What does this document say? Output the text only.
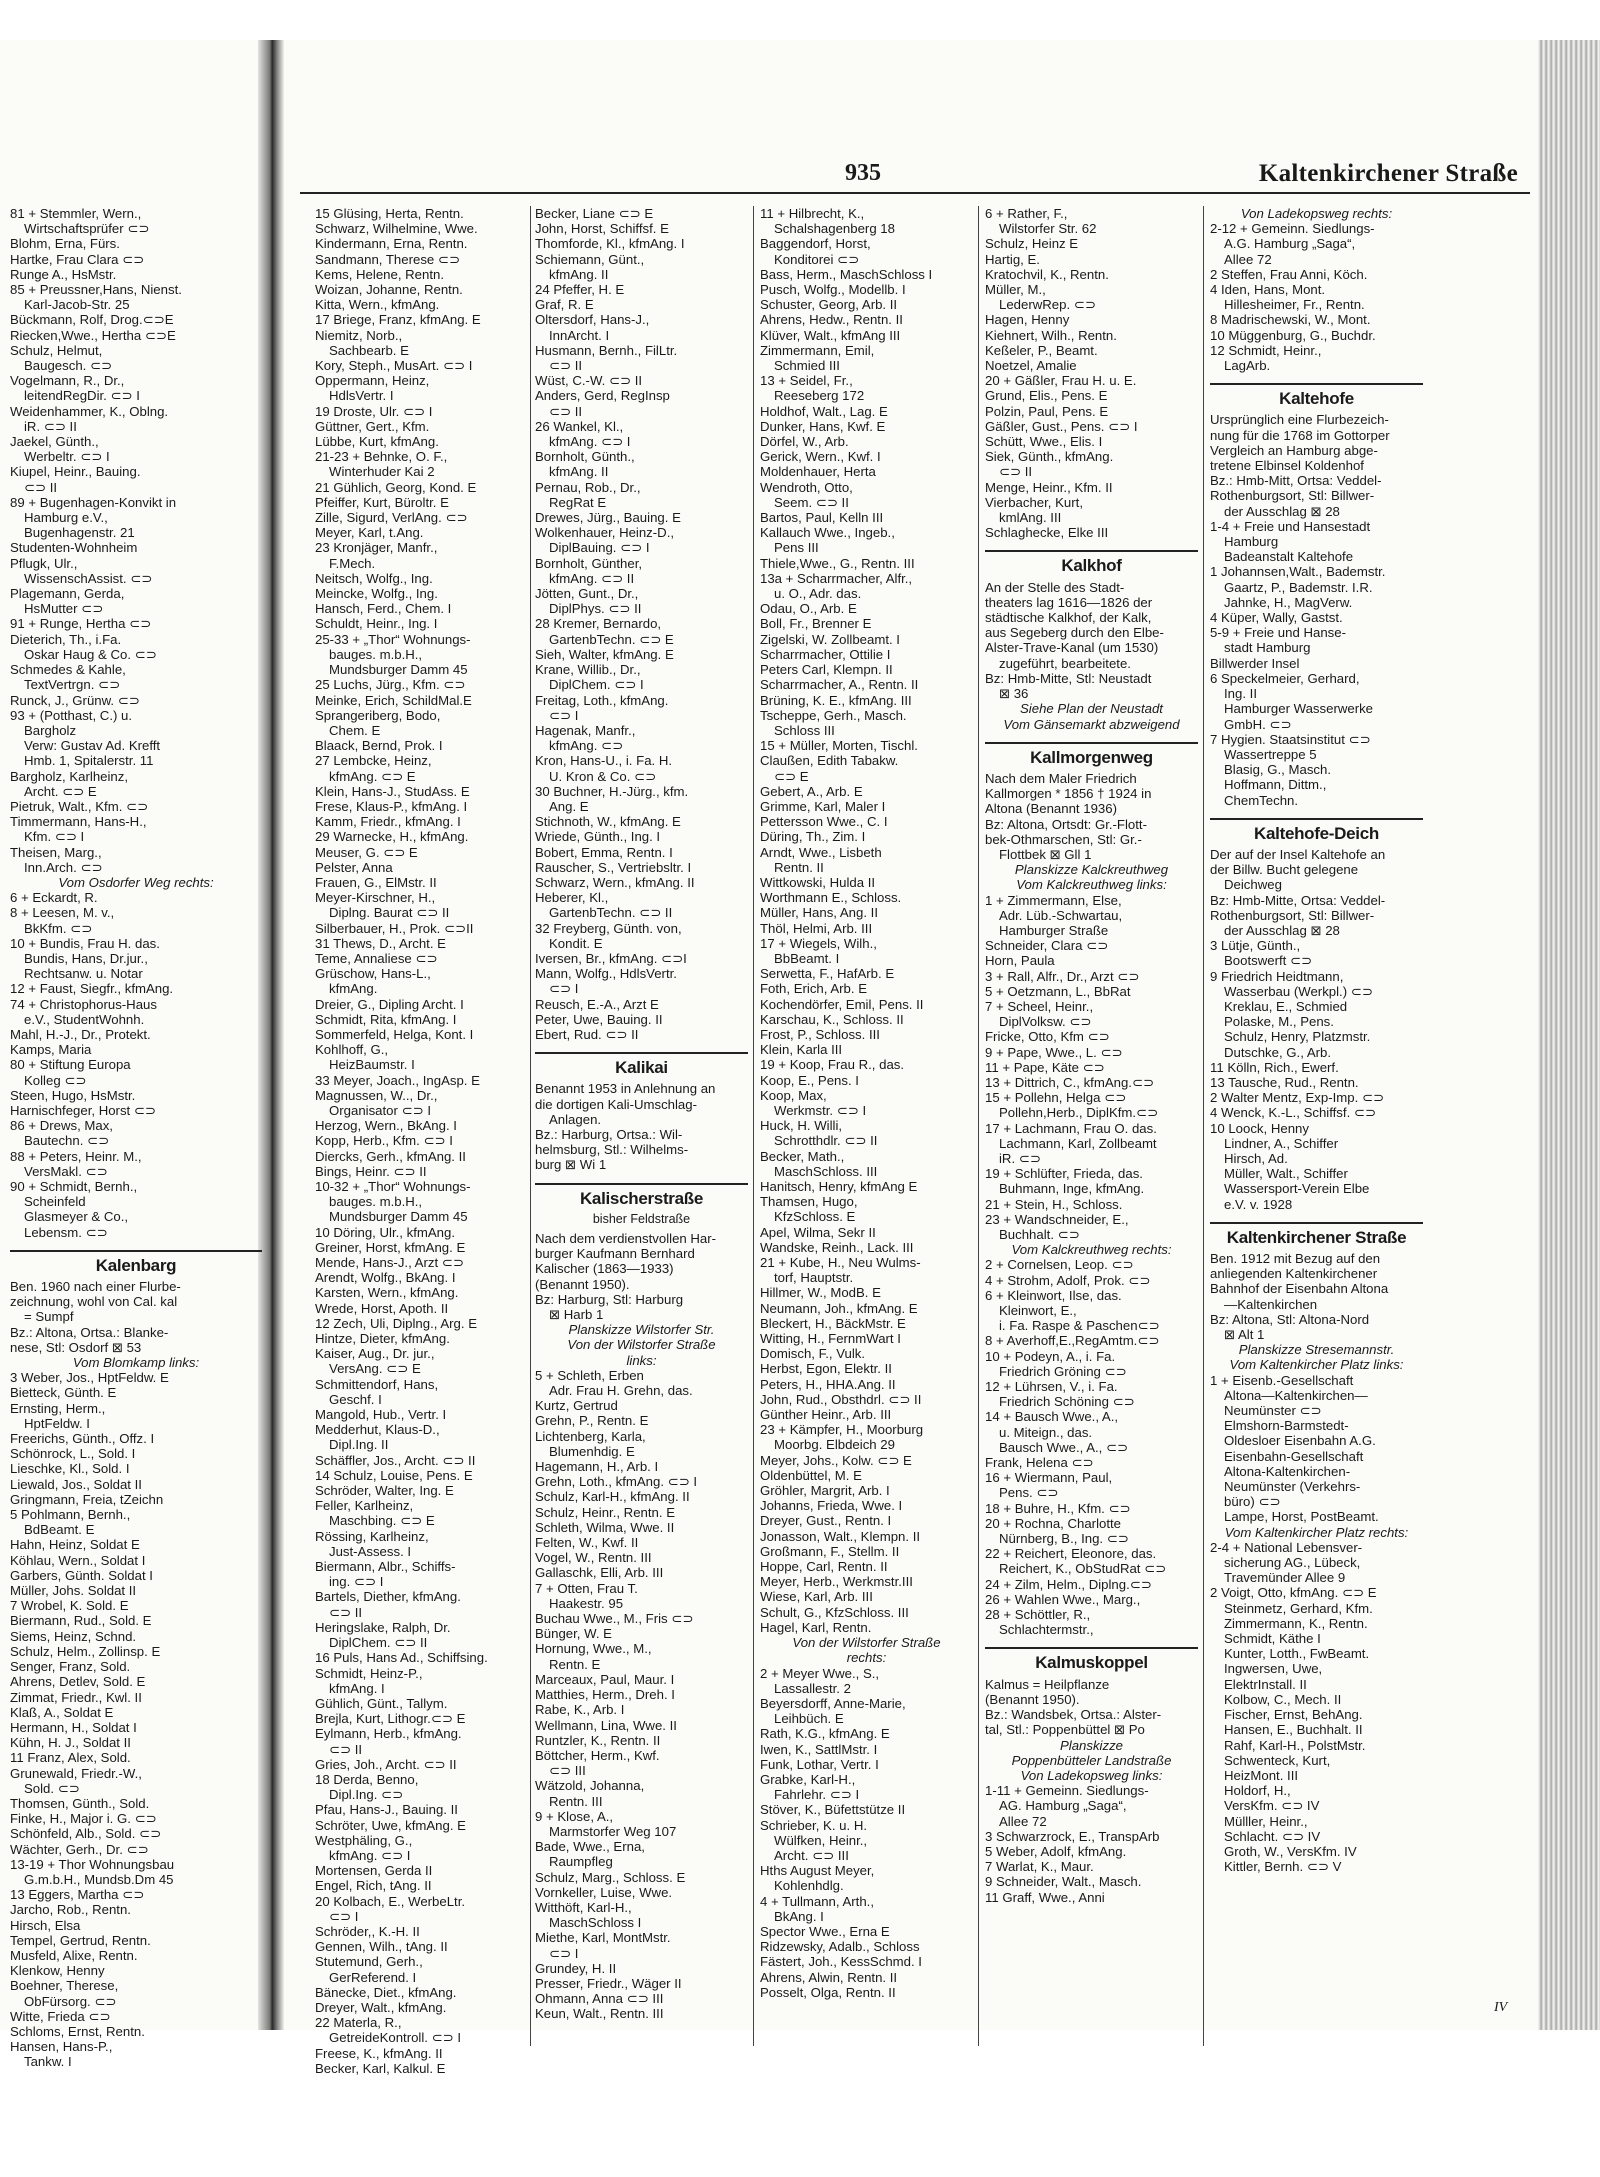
935	Kaltenkirchener Straße
81 + Stemmler, Wern.,
Wirtschaftsprüfer ⊂⊃
Blohm, Erna, Fürs.
Hartke, Frau Clara ⊂⊃
Runge A., HsMstr.
85 + Preussner,Hans, Nienst.
Karl-Jacob-Str. 25
Bückmann, Rolf, Drog.⊂⊃E
Riecken,Wwe., Hertha ⊂⊃E
Schulz, Helmut,
Baugesch. ⊂⊃
Vogelmann, R., Dr.,
leitendRegDir. ⊂⊃ I
Weidenhammer, K., Oblng.
iR. ⊂⊃ II
Jaekel, Günth.,
Werbeltr. ⊂⊃ I
Kiupel, Heinr., Bauing.
⊂⊃ II
89 + Bugenhagen-Konvikt in
Hamburg e.V.,
Bugenhagenstr. 21
Studenten-Wohnheim
Pflugk, Ulr.,
WissenschAssist. ⊂⊃
Plagemann, Gerda,
HsMutter ⊂⊃
91 + Runge, Hertha ⊂⊃
Dieterich, Th., i.Fa.
Oskar Haug & Co. ⊂⊃
Schmedes & Kahle,
TextVertrgn. ⊂⊃
Runck, J., Grünw. ⊂⊃
93 + (Potthast, C.) u.
Bargholz
Verw: Gustav Ad. Krefft
Hmb. 1, Spitalerstr. 11
Bargholz, Karlheinz,
Archt. ⊂⊃ E
Pietruk, Walt., Kfm. ⊂⊃
Timmermann, Hans-H.,
Kfm. ⊂⊃ I
Theisen, Marg.,
Inn.Arch. ⊂⊃
Vom Osdorfer Weg rechts:
6 + Eckardt, R.
8 + Leesen, M. v.,
BkKfm. ⊂⊃
10 + Bundis, Frau H. das.
Bundis, Hans, Dr.jur.,
Rechtsanw. u. Notar
12 + Faust, Siegfr., kfmAng.
74 + Christophorus-Haus
e.V., StudentWohnh.
Mahl, H.-J., Dr., Protekt.
Kamps, Maria
80 + Stiftung Europa
Kolleg ⊂⊃
Steen, Hugo, HsMstr.
Harnischfeger, Horst ⊂⊃
86 + Drews, Max,
Bautechn. ⊂⊃
88 + Peters, Heinr. M.,
VersMakl. ⊂⊃
90 + Schmidt, Bernh.,
Scheinfeld
Glasmeyer & Co.,
Lebensm. ⊂⊃
Kalenbarg
Ben. 1960 nach einer Flurbe-
zeichnung, wohl von Cal. kal
= Sumpf
Bz.: Altona, Ortsa.: Blanke-
nese, Stl: Osdorf ⊠ 53
Vom Blomkamp links:
3 Weber, Jos., HptFeldw. E
Bietteck, Günth. E
Ernsting, Herm.,
HptFeldw. I
Freerichs, Günth., Offz. I
Schönrock, L., Sold. I
Lieschke, Kl., Sold. I
Liewald, Jos., Soldat II
Gringmann, Freia, tZeichn
5 Pohlmann, Bernh.,
BdBeamt. E
Hahn, Heinz, Soldat E
Köhlau, Wern., Soldat I
Garbers, Günth. Soldat I
Müller, Johs. Soldat II
7 Wrobel, K. Sold. E
Biermann, Rud., Sold. E
Siems, Heinz, Schnd.
Schulz, Helm., Zollinsp. E
Senger, Franz, Sold.
Ahrens, Detlev, Sold. E
Zimmat, Friedr., Kwl. II
Klaß, A., Soldat E
Hermann, H., Soldat I
Kühn, H. J., Soldat II
11 Franz, Alex, Sold.
Grunewald, Friedr.-W.,
Sold. ⊂⊃
Thomsen, Günth., Sold.
Finke, H., Major i. G. ⊂⊃
Schönfeld, Alb., Sold. ⊂⊃
Wächter, Gerh., Dr. ⊂⊃
13-19 + Thor Wohnungsbau
G.m.b.H., Mundsb.Dm 45
13 Eggers, Martha ⊂⊃
Jarcho, Rob., Rentn.
Hirsch, Elsa
Tempel, Gertrud, Rentn.
Musfeld, Alixe, Rentn.
Klenkow, Henny
Boehner, Therese,
ObFürsorg. ⊂⊃
Witte, Frieda ⊂⊃
Schloms, Ernst, Rentn.
Hansen, Hans-P.,
Tankw. I
15 Glüsing, Herta, Rentn.
Schwarz, Wilhelmine, Wwe.
Kindermann, Erna, Rentn.
Sandmann, Therese ⊂⊃
Kems, Helene, Rentn.
Woizan, Johanne, Rentn.
Kitta, Wern., kfmAng.
17 Briege, Franz, kfmAng. E
Niemitz, Norb.,
Sachbearb. E
Kory, Steph., MusArt. ⊂⊃ I
Oppermann, Heinz,
HdlsVertr. I
19 Droste, Ulr. ⊂⊃ I
Güttner, Gert., Kfm.
Lübbe, Kurt, kfmAng.
21-23 + Behnke, O. F.,
Winterhuder Kai 2
21 Gühlich, Georg, Kond. E
Pfeiffer, Kurt, Büroltr. E
Zille, Sigurd, VerlAng. ⊂⊃
Meyer, Karl, t.Ang.
23 Kronjäger, Manfr.,
F.Mech.
Neitsch, Wolfg., Ing.
Meincke, Wolfg., Ing.
Hansch, Ferd., Chem. I
Schuldt, Heinr., Ing. I
25-33 + „Thor“ Wohnungs-
bauges. m.b.H.,
Mundsburger Damm 45
25 Luchs, Jürg., Kfm. ⊂⊃
Meinke, Erich, SchildMal.E
Sprangeriberg, Bodo,
Chem. E
Blaack, Bernd, Prok. I
27 Lembcke, Heinz,
kfmAng. ⊂⊃ E
Klein, Hans-J., StudAss. E
Frese, Klaus-P., kfmAng. I
Kamm, Friedr., kfmAng. I
29 Warnecke, H., kfmAng.
Meuser, G. ⊂⊃ E
Pelster, Anna
Frauen, G., ElMstr. II
Meyer-Kirschner, H.,
Diplng. Baurat ⊂⊃ II
Silberbauer, H., Prok. ⊂⊃II
31 Thews, D., Archt. E
Teme, Annaliese ⊂⊃
Grüschow, Hans-L.,
kfmAng.
Dreier, G., Dipling Archt. I
Schmidt, Rita, kfmAng. I
Sommerfeld, Helga, Kont. I
Kohlhoff, G.,
HeizBaumstr. I
33 Meyer, Joach., IngAsp. E
Magnussen, W.., Dr.,
Organisator ⊂⊃ I
Herzog, Wern., BkAng. I
Kopp, Herb., Kfm. ⊂⊃ I
Diercks, Gerh., kfmAng. II
Bings, Heinr. ⊂⊃ II
10-32 + „Thor“ Wohnungs-
bauges. m.b.H.,
Mundsburger Damm 45
10 Döring, Ulr., kfmAng.
Greiner, Horst, kfmAng. E
Mende, Hans-J., Arzt ⊂⊃
Arendt, Wolfg., BkAng. I
Karsten, Wern., kfmAng.
Wrede, Horst, Apoth. II
12 Zech, Uli, Diplng., Arg. E
Hintze, Dieter, kfmAng.
Kaiser, Aug., Dr. jur.,
VersAng. ⊂⊃ E
Schmittendorf, Hans,
Geschf. I
Mangold, Hub., Vertr. I
Medderhut, Klaus-D.,
Dipl.Ing. II
Schäffler, Jos., Archt. ⊂⊃ II
14 Schulz, Louise, Pens. E
Schröder, Walter, Ing. E
Feller, Karlheinz,
Maschbing. ⊂⊃ E
Rössing, Karlheinz,
Just-Assess. I
Biermann, Albr., Schiffs-
ing. ⊂⊃ I
Bartels, Diether, kfmAng.
⊂⊃ II
Heringslake, Ralph, Dr.
DiplChem. ⊂⊃ II
16 Puls, Hans Ad., Schiffsing.
Schmidt, Heinz-P.,
kfmAng. I
Gühlich, Günt., Tallym.
Brejla, Kurt, Lithogr.⊂⊃ E
Eylmann, Herb., kfmAng.
⊂⊃ II
Gries, Joh., Archt. ⊂⊃ II
18 Derda, Benno,
Dipl.Ing. ⊂⊃
Pfau, Hans-J., Bauing. II
Schröter, Uwe, kfmAng. E
Westphäling, G.,
kfmAng. ⊂⊃ I
Mortensen, Gerda II
Engel, Rich, tAng. II
20 Kolbach, E., WerbeLtr.
⊂⊃ I
Schröder,, K.-H. II
Gennen, Wilh., tAng. II
Stutemund, Gerh.,
GerReferend. I
Bänecke, Diet., kfmAng.
Dreyer, Walt., kfmAng.
22 Materla, R.,
GetreideKontroll. ⊂⊃ I
Freese, K., kfmAng. II
Becker, Karl, Kalkul. E
Becker, Liane ⊂⊃ E
John, Horst, Schiffsf. E
Thomforde, Kl., kfmAng. I
Schiemann, Günt.,
kfmAng. II
24 Pfeffer, H. E
Graf, R. E
Oltersdorf, Hans-J.,
InnArcht. I
Husmann, Bernh., FilLtr.
⊂⊃ II
Wüst, C.-W. ⊂⊃ II
Anders, Gerd, RegInsp
⊂⊃ II
26 Wankel, Kl.,
kfmAng. ⊂⊃ I
Bornholt, Günth.,
kfmAng. II
Pernau, Rob., Dr.,
RegRat E
Drewes, Jürg., Bauing. E
Wolkenhauer, Heinz-D.,
DiplBauing. ⊂⊃ I
Bornholt, Günther,
kfmAng. ⊂⊃ II
Jötten, Gunt., Dr.,
DiplPhys. ⊂⊃ II
28 Kremer, Bernardo,
GartenbTechn. ⊂⊃ E
Sieh, Walter, kfmAng. E
Krane, Willib., Dr.,
DiplChem. ⊂⊃ I
Freitag, Loth., kfmAng.
⊂⊃ I
Hagenak, Manfr.,
kfmAng. ⊂⊃
Kron, Hans-U., i. Fa. H.
U. Kron & Co. ⊂⊃
30 Buchner, H.-Jürg., kfm.
Ang. E
Stichnoth, W., kfmAng. E
Wriede, Günth., Ing. I
Bobert, Emma, Rentn. I
Rauscher, S., Vertriebsltr. I
Schwarz, Wern., kfmAng. II
Heberer, Kl.,
GartenbTechn. ⊂⊃ II
32 Freyberg, Günth. von,
Kondit. E
Iversen, Br., kfmAng. ⊂⊃I
Mann, Wolfg., HdlsVertr.
⊂⊃ I
Reusch, E.-A., Arzt E
Peter, Uwe, Bauing. II
Ebert, Rud. ⊂⊃ II
Kalikai
Benannt 1953 in Anlehnung an
die dortigen Kali-Umschlag-
Anlagen.
Bz.: Harburg, Ortsa.: Wil-
helmsburg, Stl.: Wilhelms-
burg ⊠ Wi 1
Kalischerstraße
bisher Feldstraße
Nach dem verdienstvollen Har-
burger Kaufmann Bernhard
Kalischer (1863—1933)
(Benannt 1950).
Bz: Harburg, Stl: Harburg
⊠ Harb 1
Planskizze Wilstorfer Str.
Von der Wilstorfer Straße
links:
5 + Schleth, Erben
Adr. Frau H. Grehn, das.
Kurtz, Gertrud
Grehn, P., Rentn. E
Lichtenberg, Karla,
Blumenhdig. E
Hagemann, H., Arb. I
Grehn, Loth., kfmAng. ⊂⊃ I
Schulz, Karl-H., kfmAng. II
Schulz, Heinr., Rentn. E
Schleth, Wilma, Wwe. II
Felten, W., Kwf. II
Vogel, W., Rentn. III
Gallaschk, Elli, Arb. III
7 + Otten, Frau T.
Haakestr. 95
Buchau Wwe., M., Fris ⊂⊃
Bünger, W. E
Hornung, Wwe., M.,
Rentn. E
Marceaux, Paul, Maur. I
Matthies, Herm., Dreh. I
Rabe, K., Arb. I
Wellmann, Lina, Wwe. II
Runtzler, K., Rentn. II
Böttcher, Herm., Kwf.
⊂⊃ III
Wätzold, Johanna,
Rentn. III
9 + Klose, A.,
Marmstorfer Weg 107
Bade, Wwe., Erna,
Raumpfleg
Schulz, Marg., Schloss. E
Vornkeller, Luise, Wwe.
Witthöft, Karl-H.,
MaschSchloss I
Miethe, Karl, MontMstr.
⊂⊃ I
Grundey, H. II
Presser, Friedr., Wäger II
Ohmann, Anna ⊂⊃ III
Keun, Walt., Rentn. III
11 + Hilbrecht, K.,
Schalshagenberg 18
Baggendorf, Horst,
Konditorei ⊂⊃
Bass, Herm., MaschSchloss I
Pusch, Wolfg., Modellb. I
Schuster, Georg, Arb. II
Ahrens, Hedw., Rentn. II
Klüver, Walt., kfmAng III
Zimmermann, Emil,
Schmied III
13 + Seidel, Fr.,
Reeseberg 172
Holdhof, Walt., Lag. E
Dunker, Hans, Kwf. E
Dörfel, W., Arb.
Gerick, Wern., Kwf. I
Moldenhauer, Herta
Wendroth, Otto,
Seem. ⊂⊃ II
Bartos, Paul, Kelln III
Kallauch Wwe., Ingeb.,
Pens III
Thiele,Wwe., G., Rentn. III
13a + Scharrmacher, Alfr.,
u. O., Adr. das.
Odau, O., Arb. E
Boll, Fr., Brenner E
Zigelski, W. Zollbeamt. I
Scharrmacher, Ottilie I
Peters Carl, Klempn. II
Scharrmacher, A., Rentn. II
Brüning, K. E., kfmAng. III
Tscheppe, Gerh., Masch.
Schloss III
15 + Müller, Morten, Tischl.
Claußen, Edith Tabakw.
⊂⊃ E
Gebert, A., Arb. E
Grimme, Karl, Maler I
Pettersson Wwe., C. I
Düring, Th., Zim. I
Arndt, Wwe., Lisbeth
Rentn. II
Wittkowski, Hulda II
Worthmann E., Schloss.
Müller, Hans, Ang. II
Thöl, Helmi, Arb. III
17 + Wiegels, Wilh.,
BbBeamt. I
Serwetta, F., HafArb. E
Foth, Erich, Arb. E
Kochendörfer, Emil, Pens. II
Karschau, K., Schloss. II
Frost, P., Schloss. III
Klein, Karla III
19 + Koop, Frau R., das.
Koop, E., Pens. I
Koop, Max,
Werkmstr. ⊂⊃ I
Huck, H. Willi,
Schrotthdlr. ⊂⊃ II
Becker, Math.,
MaschSchloss. III
Hanitsch, Henry, kfmAng E
Thamsen, Hugo,
KfzSchloss. E
Apel, Wilma, Sekr II
Wandske, Reinh., Lack. III
21 + Kube, H., Neu Wulms-
torf, Hauptstr.
Hillmer, W., ModB. E
Neumann, Joh., kfmAng. E
Bleckert, H., BäckMstr. E
Witting, H., FernmWart I
Domisch, F., Vulk.
Herbst, Egon, Elektr. II
Peters, H., HHA.Ang. II
John, Rud., Obsthdrl. ⊂⊃ II
Günther Heinr., Arb. III
23 + Kämpfer, H., Moorburg
Moorbg. Elbdeich 29
Meyer, Johs., Kolw. ⊂⊃ E
Oldenbüttel, M. E
Gröhler, Margrit, Arb. I
Johanns, Frieda, Wwe. I
Dreyer, Gust., Rentn. I
Jonasson, Walt., Klempn. II
Großmann, F., Stellm. II
Hoppe, Carl, Rentn. II
Meyer, Herb., Werkmstr.III
Wiese, Karl, Arb. III
Schult, G., KfzSchloss. III
Hagel, Karl, Rentn.
Von der Wilstorfer Straße
rechts:
2 + Meyer Wwe., S.,
Lassallestr. 2
Beyersdorff, Anne-Marie,
Leihbüch. E
Rath, K.G., kfmAng. E
Iwen, K., SattlMstr. I
Funk, Lothar, Vertr. I
Grabke, Karl-H.,
Fahrlehr. ⊂⊃ I
Stöver, K., Büfettstütze II
Schrieber, K. u. H.
Wülfken, Heinr.,
Archt. ⊂⊃ III
Hths August Meyer,
Kohlenhdlg.
4 + Tullmann, Arth.,
BkAng. I
Spector Wwe., Erna E
Ridzewsky, Adalb., Schloss
Fästert, Joh., KessSchmd. I
Ahrens, Alwin, Rentn. II
Posselt, Olga, Rentn. II
6 + Rather, F.,
Wilstorfer Str. 62
Schulz, Heinz E
Hartig, E.
Kratochvil, K., Rentn.
Müller, M.,
LederwRep. ⊂⊃
Hagen, Henny
Kiehnert, Wilh., Rentn.
Keßeler, P., Beamt.
Noetzel, Amalie
20 + Gäßler, Frau H. u. E.
Grund, Elis., Pens. E
Polzin, Paul, Pens. E
Gäßler, Gust., Pens. ⊂⊃ I
Schütt, Wwe., Elis. I
Siek, Günth., kfmAng.
⊂⊃ II
Menge, Heinr., Kfm. II
Vierbacher, Kurt,
kmlAng. III
Schlaghecke, Elke III
Kalkhof
An der Stelle des Stadt-
theaters lag 1616—1826 der
städtische Kalkhof, der Kalk,
aus Segeberg durch den Elbe-
Alster-Trave-Kanal (um 1530)
zugeführt, bearbeitete.
Bz: Hmb-Mitte, Stl: Neustadt
⊠ 36
Siehe Plan der Neustadt
Vom Gänsemarkt abzweigend
Kallmorgenweg
Nach dem Maler Friedrich
Kallmorgen * 1856 † 1924 in
Altona (Benannt 1936)
Bz: Altona, Ortsdt: Gr.-Flott-
bek-Othmarschen, Stl: Gr.-
Flottbek ⊠ Gll 1
Planskizze Kalckreuthweg
Vom Kalckreuthweg links:
1 + Zimmermann, Else,
Adr. Lüb.-Schwartau,
Hamburger Straße
Schneider, Clara ⊂⊃
Horn, Paula
3 + Rall, Alfr., Dr., Arzt ⊂⊃
5 + Oetzmann, L., BbRat
7 + Scheel, Heinr.,
DiplVolksw. ⊂⊃
Fricke, Otto, Kfm ⊂⊃
9 + Pape, Wwe., L. ⊂⊃
11 + Pape, Käte ⊂⊃
13 + Dittrich, C., kfmAng.⊂⊃
15 + Pollehn, Helga ⊂⊃
Pollehn,Herb., DiplKfm.⊂⊃
17 + Lachmann, Frau O. das.
Lachmann, Karl, Zollbeamt
iR. ⊂⊃
19 + Schlüfter, Frieda, das.
Buhmann, Inge, kfmAng.
21 + Stein, H., Schloss.
23 + Wandschneider, E.,
Buchhalt. ⊂⊃
Vom Kalckreuthweg rechts:
2 + Cornelsen, Leop. ⊂⊃
4 + Strohm, Adolf, Prok. ⊂⊃
6 + Kleinwort, Ilse, das.
Kleinwort, E.,
i. Fa. Raspe & Paschen⊂⊃
8 + Averhoff,E.,RegAmtm.⊂⊃
10 + Podeyn, A., i. Fa.
Friedrich Gröning ⊂⊃
12 + Lührsen, V., i. Fa.
Friedrich Schöning ⊂⊃
14 + Bausch Wwe., A.,
u. Miteign., das.
Bausch Wwe., A., ⊂⊃
Frank, Helena ⊂⊃
16 + Wiermann, Paul,
Pens. ⊂⊃
18 + Buhre, H., Kfm. ⊂⊃
20 + Rochna, Charlotte
Nürnberg, B., Ing. ⊂⊃
22 + Reichert, Eleonore, das.
Reichert, K., ObStudRat ⊂⊃
24 + Zilm, Helm., Diplng.⊂⊃
26 + Wahlen Wwe., Marg.,
28 + Schöttler, R.,
Schlachtermstr.,
Kalmuskoppel
Kalmus = Heilpflanze
(Benannt 1950).
Bz.: Wandsbek, Ortsa.: Alster-
tal, Stl.: Poppenbüttel ⊠ Po
Planskizze
Poppenbütteler Landstraße
Von Ladekopsweg links:
1-11 + Gemeinn. Siedlungs-
AG. Hamburg „Saga“,
Allee 72
3 Schwarzrock, E., TranspArb
5 Weber, Adolf, kfmAng.
7 Warlat, K., Maur.
9 Schneider, Walt., Masch.
11 Graff, Wwe., Anni
Von Ladekopsweg rechts:
2-12 + Gemeinn. Siedlungs-
A.G. Hamburg „Saga“,
Allee 72
2 Steffen, Frau Anni, Köch.
4 Iden, Hans, Mont.
Hillesheimer, Fr., Rentn.
8 Madrischewski, W., Mont.
10 Müggenburg, G., Buchdr.
12 Schmidt, Heinr.,
LagArb.
Kaltehofe
Ursprünglich eine Flurbezeich-
nung für die 1768 im Gottorper
Vergleich an Hamburg abge-
tretene Elbinsel Koldenhof
Bz.: Hmb-Mitt, Ortsa: Veddel-
Rothenburgsort, Stl: Billwer-
der Ausschlag ⊠ 28
1-4 + Freie und Hansestadt
Hamburg
Badeanstalt Kaltehofe
1 Johannsen,Walt., Bademstr.
Gaartz, P., Bademstr. I.R.
Jahnke, H., MagVerw.
4 Küper, Wally, Gastst.
5-9 + Freie und Hanse-
stadt Hamburg
Billwerder Insel
6 Speckelmeier, Gerhard,
Ing. II
Hamburger Wasserwerke
GmbH. ⊂⊃
7 Hygien. Staatsinstitut ⊂⊃
Wassertreppe 5
Blasig, G., Masch.
Hoffmann, Dittm.,
ChemTechn.
Kaltehofe-Deich
Der auf der Insel Kaltehofe an
der Billw. Bucht gelegene
Deichweg
Bz: Hmb-Mitte, Ortsa: Veddel-
Rothenburgsort, Stl: Billwer-
der Ausschlag ⊠ 28
3 Lütje, Günth.,
Bootswerft ⊂⊃
9 Friedrich Heidtmann,
Wasserbau (Werkpl.) ⊂⊃
Kreklau, E., Schmied
Polaske, M., Pens.
Schulz, Henry, Platzmstr.
Dutschke, G., Arb.
11 Kölln, Rich., Ewerf.
13 Tausche, Rud., Rentn.
2 Walter Mentz, Exp-Imp. ⊂⊃
4 Wenck, K.-L., Schiffsf. ⊂⊃
10 Loock, Henny
Lindner, A., Schiffer
Hirsch, Ad.
Müller, Walt., Schiffer
Wassersport-Verein Elbe
e.V. v. 1928
Kaltenkirchener Straße
Ben. 1912 mit Bezug auf den
anliegenden Kaltenkirchener
Bahnhof der Eisenbahn Altona
—Kaltenkirchen
Bz: Altona, Stl: Altona-Nord
⊠ Alt 1
Planskizze Stresemannstr.
Vom Kaltenkircher Platz links:
1 + Eisenb.-Gesellschaft
Altona—Kaltenkirchen—
Neumünster ⊂⊃
Elmshorn-Barmstedt-
Oldesloer Eisenbahn A.G.
Eisenbahn-Gesellschaft
Altona-Kaltenkirchen-
Neumünster (Verkehrs-
büro) ⊂⊃
Lampe, Horst, PostBeamt.
Vom Kaltenkircher Platz rechts:
2-4 + National Lebensver-
sicherung AG., Lübeck,
Travemünder Allee 9
2 Voigt, Otto, kfmAng. ⊂⊃ E
Steinmetz, Gerhard, Kfm.
Zimmermann, K., Rentn.
Schmidt, Käthe I
Kunter, Lotth., FwBeamt.
Ingwersen, Uwe,
ElektrInstall. II
Kolbow, C., Mech. II
Fischer, Ernst, BehAng.
Hansen, E., Buchhalt. II
Rahf, Karl-H., PolstMstr.
Schwenteck, Kurt,
HeizMont. III
Holdorf, H.,
VersKfm. ⊂⊃ IV
Mülller, Heinr.,
Schlacht. ⊂⊃ IV
Groth, W., VersKfm. IV
Kittler, Bernh. ⊂⊃ V
IV
